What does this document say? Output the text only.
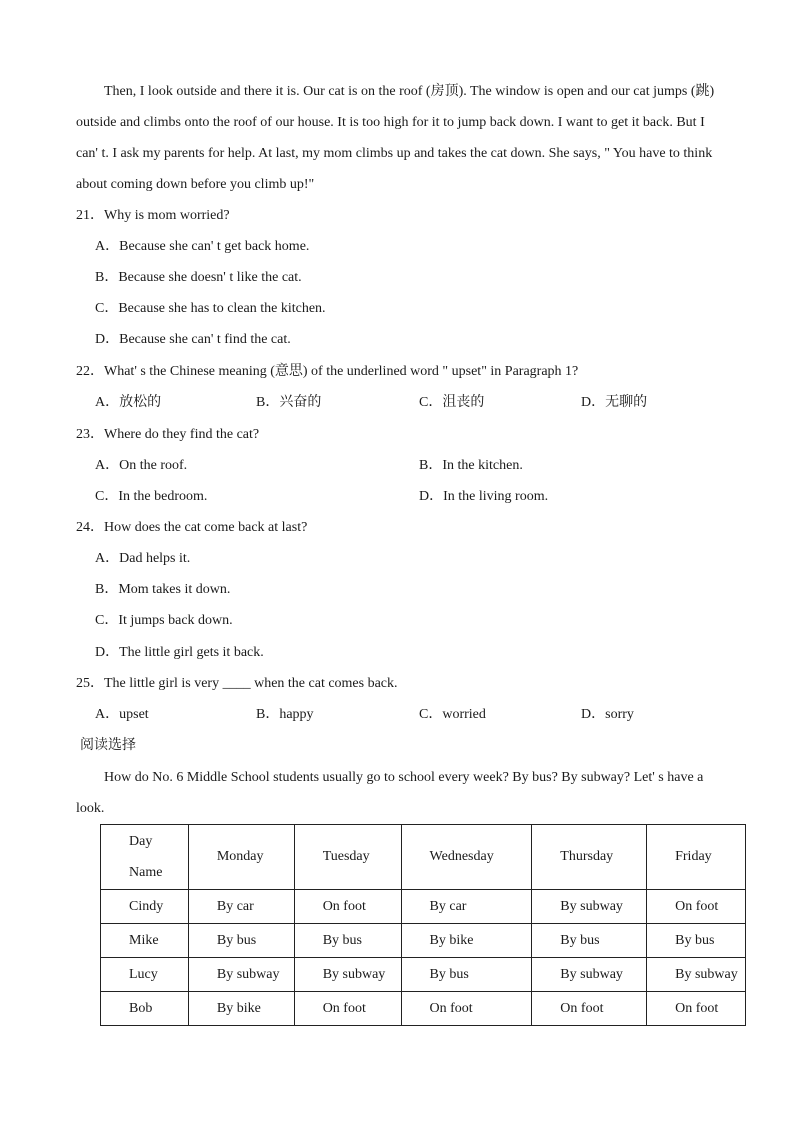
Then, I look outside and there it is. Our cat is on the roof (房顶). The window is open and our cat jumps (跳)
outside and climbs onto the roof of our house. It is too high for it to jump back down. I want to get it back. But I
can' t. I ask my parents for help. At last, my mom climbs up and takes the cat down. She says, " You have to think
about coming down before you climb up!"
21．Why is mom worried?
A．Because she can' t get back home.
B．Because she doesn' t like the cat.
C．Because she has to clean the kitchen.
D．Because she can' t find the cat.
22．What' s the Chinese meaning (意思) of the underlined word " upset" in Paragraph 1?
A．放松的	B．兴奋的	C．沮丧的	D．无聊的
23．Where do they find the cat?
A．On the roof.	B．In the kitchen.
C．In the bedroom.	D．In the living room.
24．How does the cat come back at last?
A．Dad helps it.
B．Mom takes it down.
C．It jumps back down.
D．The little girl gets it back.
25．The little girl is very ____ when the cat comes back.
A．upset	B．happy	C．worried	D．sorry
阅读选择
How do No. 6 Middle School students usually go to school every week? By bus? By subway? Let' s have a
look.
Day
Name	Monday	Tuesday	Wednesday	Thursday	Friday
Cindy	By car	On foot	By car	By subway	On foot
Mike	By bus	By bus	By bike	By bus	By bus
Lucy	By subway	By subway	By bus	By subway	By subway
Bob	By bike	On foot	On foot	On foot	On foot
